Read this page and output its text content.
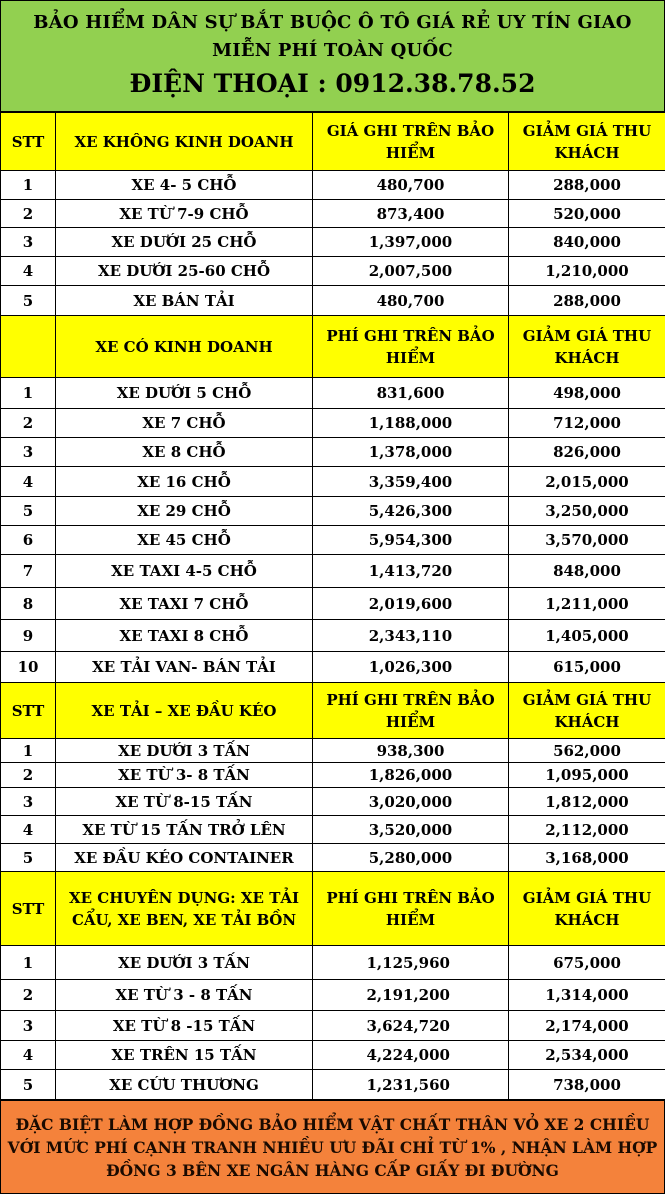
BẢO HIỂM DÂN SỰ BẮT BUỘC Ô TÔ GIÁ RẺ UY TÍN GIAO
MIỄN PHÍ TOÀN QUỐC
ĐIỆN THOẠI : 0912.38.78.52
STT	XE KHÔNG KINH DOANH	GIÁ GHI TRÊN BẢO HIỂM	GIẢM GIÁ THU KHÁCH
1	XE 4- 5 CHỖ	480,700	288,000
2	XE TỪ 7-9 CHỖ	873,400	520,000
3	XE DƯỚI 25 CHỖ	1,397,000	840,000
4	XE DƯỚI 25-60 CHỖ	2,007,500	1,210,000
5	XE BÁN TẢI	480,700	288,000
	XE CÓ KINH DOANH	PHÍ GHI TRÊN BẢO HIỂM	GIẢM GIÁ THU KHÁCH
1	XE DƯỚI 5 CHỖ	831,600	498,000
2	XE 7 CHỖ	1,188,000	712,000
3	XE 8 CHỖ	1,378,000	826,000
4	XE 16 CHỖ	3,359,400	2,015,000
5	XE 29 CHỖ	5,426,300	3,250,000
6	XE 45 CHỖ	5,954,300	3,570,000
7	XE TAXI 4-5 CHỖ	1,413,720	848,000
8	XE TAXI 7 CHỖ	2,019,600	1,211,000
9	XE TAXI 8 CHỖ	2,343,110	1,405,000
10	XE TẢI VAN- BÁN TẢI	1,026,300	615,000
STT	XE TẢI – XE ĐẦU KÉO	PHÍ GHI TRÊN BẢO HIỂM	GIẢM GIÁ THU KHÁCH
1	XE DƯỚI 3 TẤN	938,300	562,000
2	XE TỪ 3- 8 TẤN	1,826,000	1,095,000
3	XE TỪ 8-15 TẤN	3,020,000	1,812,000
4	XE TỪ 15 TẤN TRỞ LÊN	3,520,000	2,112,000
5	XE ĐẦU KÉO CONTAINER	5,280,000	3,168,000
STT	XE CHUYÊN DỤNG: XE TẢI CẨU, XE BEN, XE TẢI BỒN	PHÍ GHI TRÊN BẢO HIỂM	GIẢM GIÁ THU KHÁCH
1	XE DƯỚI 3 TẤN	1,125,960	675,000
2	XE TỪ 3 - 8 TẤN	2,191,200	1,314,000
3	XE TỪ 8 -15 TẤN	3,624,720	2,174,000
4	XE TRÊN 15 TẤN	4,224,000	2,534,000
5	XE CỨU THƯƠNG	1,231,560	738,000
ĐẶC BIỆT LÀM HỢP ĐỒNG BẢO HIỂM VẬT CHẤT THÂN VỎ XE 2 CHIỀU VỚI MỨC PHÍ CẠNH TRANH NHIỀU ƯU ĐÃI CHỈ TỪ 1% , NHẬN LÀM HỢP ĐỒNG 3 BÊN XE NGÂN HÀNG CẤP GIẤY ĐI ĐƯỜNG
